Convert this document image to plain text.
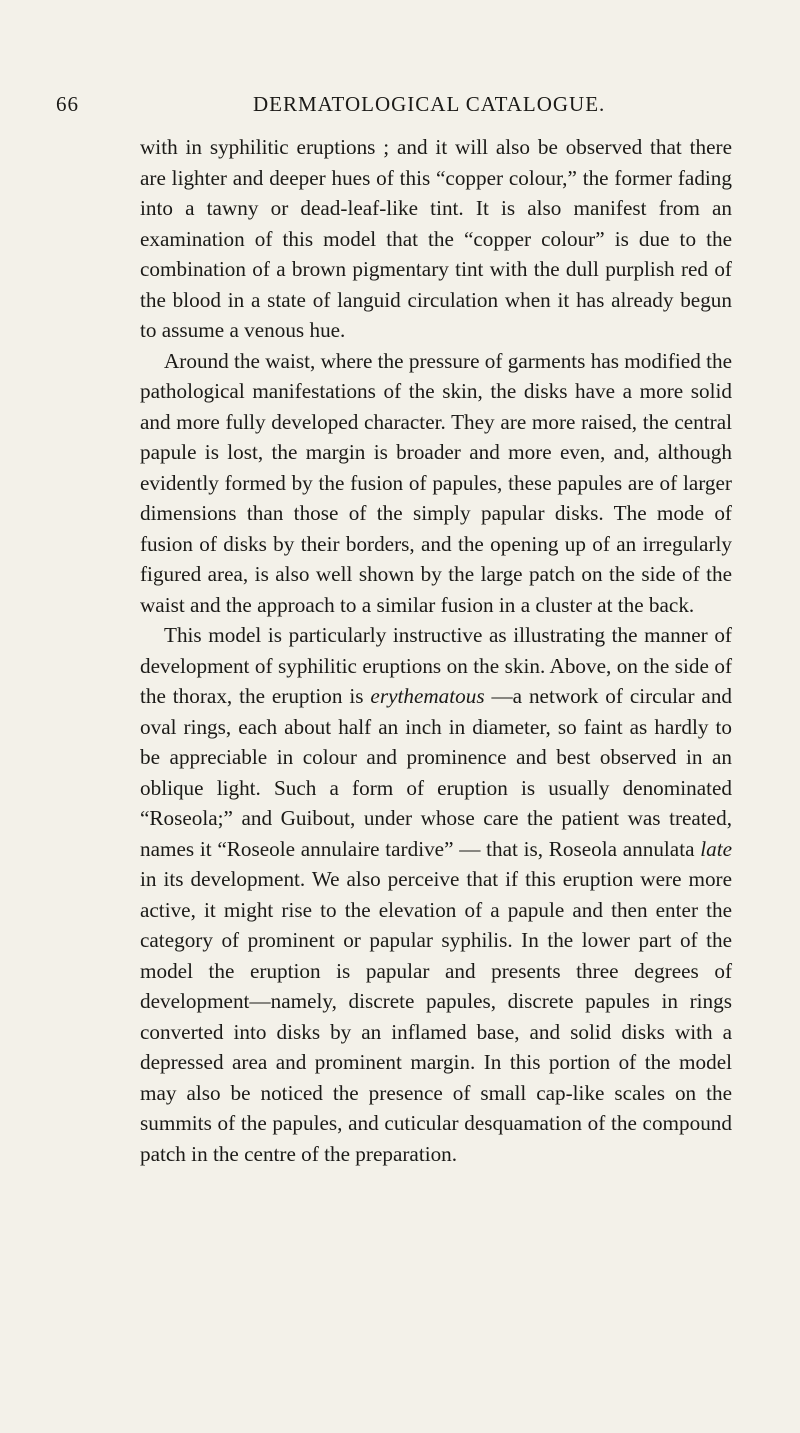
66	DERMATOLOGICAL CATALOGUE.

with in syphilitic eruptions ; and it will also be observed that there are lighter and deeper hues of this “copper colour,” the former fading into a tawny or dead-leaf-like tint. It is also manifest from an examination of this model that the “copper colour” is due to the combination of a brown pigmentary tint with the dull purplish red of the blood in a state of languid circulation when it has already begun to assume a venous hue.

Around the waist, where the pressure of garments has modified the pathological manifestations of the skin, the disks have a more solid and more fully developed character. They are more raised, the central papule is lost, the margin is broader and more even, and, although evidently formed by the fusion of papules, these papules are of larger dimensions than those of the simply papular disks. The mode of fusion of disks by their borders, and the opening up of an irregularly figured area, is also well shown by the large patch on the side of the waist and the approach to a similar fusion in a cluster at the back.

This model is particularly instructive as illustrating the manner of development of syphilitic eruptions on the skin. Above, on the side of the thorax, the eruption is erythematous —a network of circular and oval rings, each about half an inch in diameter, so faint as hardly to be appreciable in colour and prominence and best observed in an oblique light. Such a form of eruption is usually denominated “Roseola;” and Guibout, under whose care the patient was treated, names it “Roseole annulaire tardive” — that is, Roseola annulata late in its development. We also perceive that if this eruption were more active, it might rise to the elevation of a papule and then enter the category of prominent or papular syphilis. In the lower part of the model the eruption is papular and presents three degrees of development—namely, discrete papules, discrete papules in rings converted into disks by an inflamed base, and solid disks with a depressed area and prominent margin. In this portion of the model may also be noticed the presence of small cap-like scales on the summits of the papules, and cuticular desquamation of the compound patch in the centre of the preparation.
